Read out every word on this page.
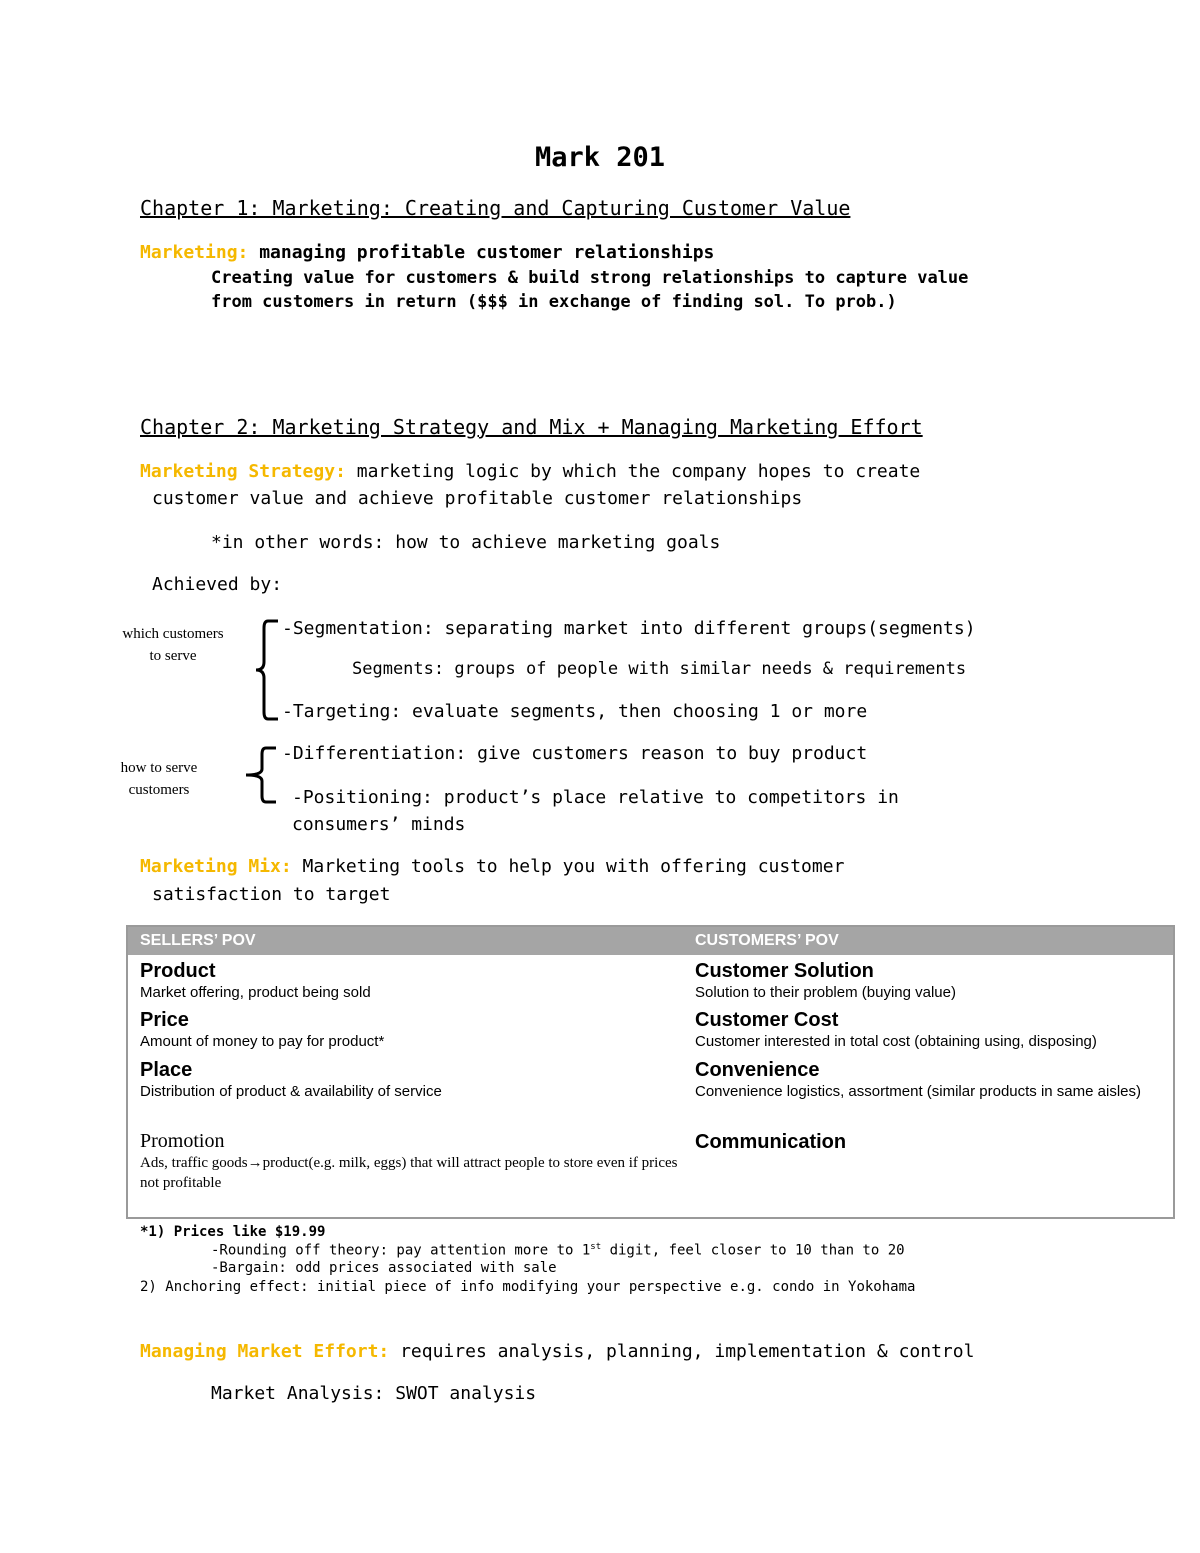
Mark 201
Chapter 1: Marketing: Creating and Capturing Customer Value
Marketing: managing profitable customer relationships
Creating value for customers & build strong relationships to capture value
from customers in return ($$$ in exchange of finding sol. To prob.)
Chapter 2: Marketing Strategy and Mix + Managing Marketing Effort
Marketing Strategy: marketing logic by which the company hopes to create
customer value and achieve profitable customer relationships
*in other words: how to achieve marketing goals
Achieved by:
which customers
to serve
how to serve
customers
-Segmentation: separating market into different groups(segments)
Segments: groups of people with similar needs & requirements
-Targeting: evaluate segments, then choosing 1 or more
-Differentiation: give customers reason to buy product
-Positioning: product’s place relative to competitors in
consumers’ minds
Marketing Mix: Marketing tools to help you with offering customer
satisfaction to target
SELLERS’ POV	CUSTOMERS’ POV
Product
Market offering, product being sold
Price
Amount of money to pay for product*
Place
Distribution of product & availability of service
Promotion
Ads, traffic goods→product(e.g. milk, eggs) that will attract people to store even if prices not profitable
Customer Solution
Solution to their problem (buying value)
Customer Cost
Customer interested in total cost (obtaining using, disposing)
Convenience
Convenience logistics, assortment (similar products in same aisles)
Communication
*1) Prices like $19.99
-Rounding off theory: pay attention more to 1st digit, feel closer to 10 than to 20
-Bargain: odd prices associated with sale
2) Anchoring effect: initial piece of info modifying your perspective e.g. condo in Yokohama
Managing Market Effort: requires analysis, planning, implementation & control
Market Analysis: SWOT analysis
